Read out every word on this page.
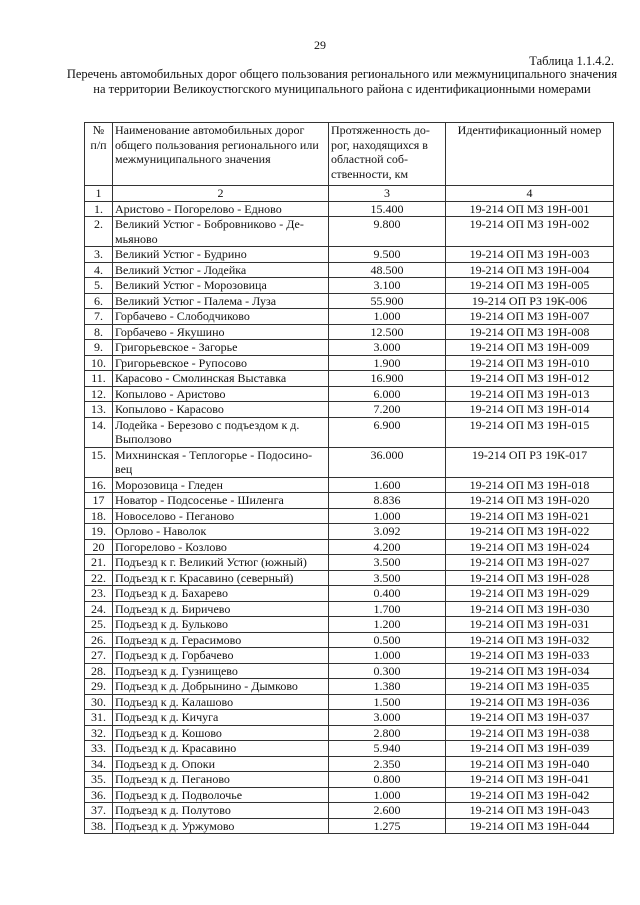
29
Таблица 1.1.4.2.
Перечень автомобильных дорог общего пользования регионального или межмуниципального значения на территории Великоустюгского муниципального района с идентификационными номерами
№ п/п	Наименование автомобильных дорог общего пользования регионального или межмуниципального значения	Протяженность до-рог, находящихся в областной соб-ственности, км	Идентификационный номер
1	2	3	4
1.	Аристово - Погорелово - Едново	15.400	19-214 ОП МЗ 19Н-001
2.	Великий Устюг - Бобровниково - Де-мьяново	9.800	19-214 ОП МЗ 19Н-002
3.	Великий Устюг - Будрино	9.500	19-214 ОП МЗ 19Н-003
4.	Великий Устюг - Лодейка	48.500	19-214 ОП МЗ 19Н-004
5.	Великий Устюг - Морозовица	3.100	19-214 ОП МЗ 19Н-005
6.	Великий Устюг - Палема - Луза	55.900	19-214 ОП РЗ 19К-006
7.	Горбачево - Слободчиково	1.000	19-214 ОП МЗ 19Н-007
8.	Горбачево - Якушино	12.500	19-214 ОП МЗ 19Н-008
9.	Григорьевское - Загорье	3.000	19-214 ОП МЗ 19Н-009
10.	Григорьевское - Рупосово	1.900	19-214 ОП МЗ 19Н-010
11.	Карасово - Смолинская Выставка	16.900	19-214 ОП МЗ 19Н-012
12.	Копылово - Аристово	6.000	19-214 ОП МЗ 19Н-013
13.	Копылово - Карасово	7.200	19-214 ОП МЗ 19Н-014
14.	Лодейка - Березово с подъездом к д. Выползово	6.900	19-214 ОП МЗ 19Н-015
15.	Михнинская - Теплогорье - Подосино-вец	36.000	19-214 ОП РЗ 19К-017
16.	Морозовица - Гледен	1.600	19-214 ОП МЗ 19Н-018
17	Новатор - Подсосенье - Шиленга	8.836	19-214 ОП МЗ 19Н-020
18.	Новоселово - Пеганово	1.000	19-214 ОП МЗ 19Н-021
19.	Орлово - Наволок	3.092	19-214 ОП МЗ 19Н-022
20	Погорелово - Козлово	4.200	19-214 ОП МЗ 19Н-024
21.	Подъезд к г. Великий Устюг (южный)	3.500	19-214 ОП МЗ 19Н-027
22.	Подъезд к г. Красавино (северный)	3.500	19-214 ОП МЗ 19Н-028
23.	Подъезд к д. Бахарево	0.400	19-214 ОП МЗ 19Н-029
24.	Подъезд к д. Биричево	1.700	19-214 ОП МЗ 19Н-030
25.	Подъезд к д. Бульково	1.200	19-214 ОП МЗ 19Н-031
26.	Подъезд к д. Герасимово	0.500	19-214 ОП МЗ 19Н-032
27.	Подъезд к д. Горбачево	1.000	19-214 ОП МЗ 19Н-033
28.	Подъезд к д. Гузнищево	0.300	19-214 ОП МЗ 19Н-034
29.	Подъезд к д. Добрынино - Дымково	1.380	19-214 ОП МЗ 19Н-035
30.	Подъезд к д. Калашово	1.500	19-214 ОП МЗ 19Н-036
31.	Подъезд к д. Кичуга	3.000	19-214 ОП МЗ 19Н-037
32.	Подъезд к д. Кошово	2.800	19-214 ОП МЗ 19Н-038
33.	Подъезд к д. Красавино	5.940	19-214 ОП МЗ 19Н-039
34.	Подъезд к д. Опоки	2.350	19-214 ОП МЗ 19Н-040
35.	Подъезд к д. Пеганово	0.800	19-214 ОП МЗ 19Н-041
36.	Подъезд к д. Подволочье	1.000	19-214 ОП МЗ 19Н-042
37.	Подъезд к д. Полутово	2.600	19-214 ОП МЗ 19Н-043
38.	Подъезд к д. Уржумово	1.275	19-214 ОП МЗ 19Н-044
